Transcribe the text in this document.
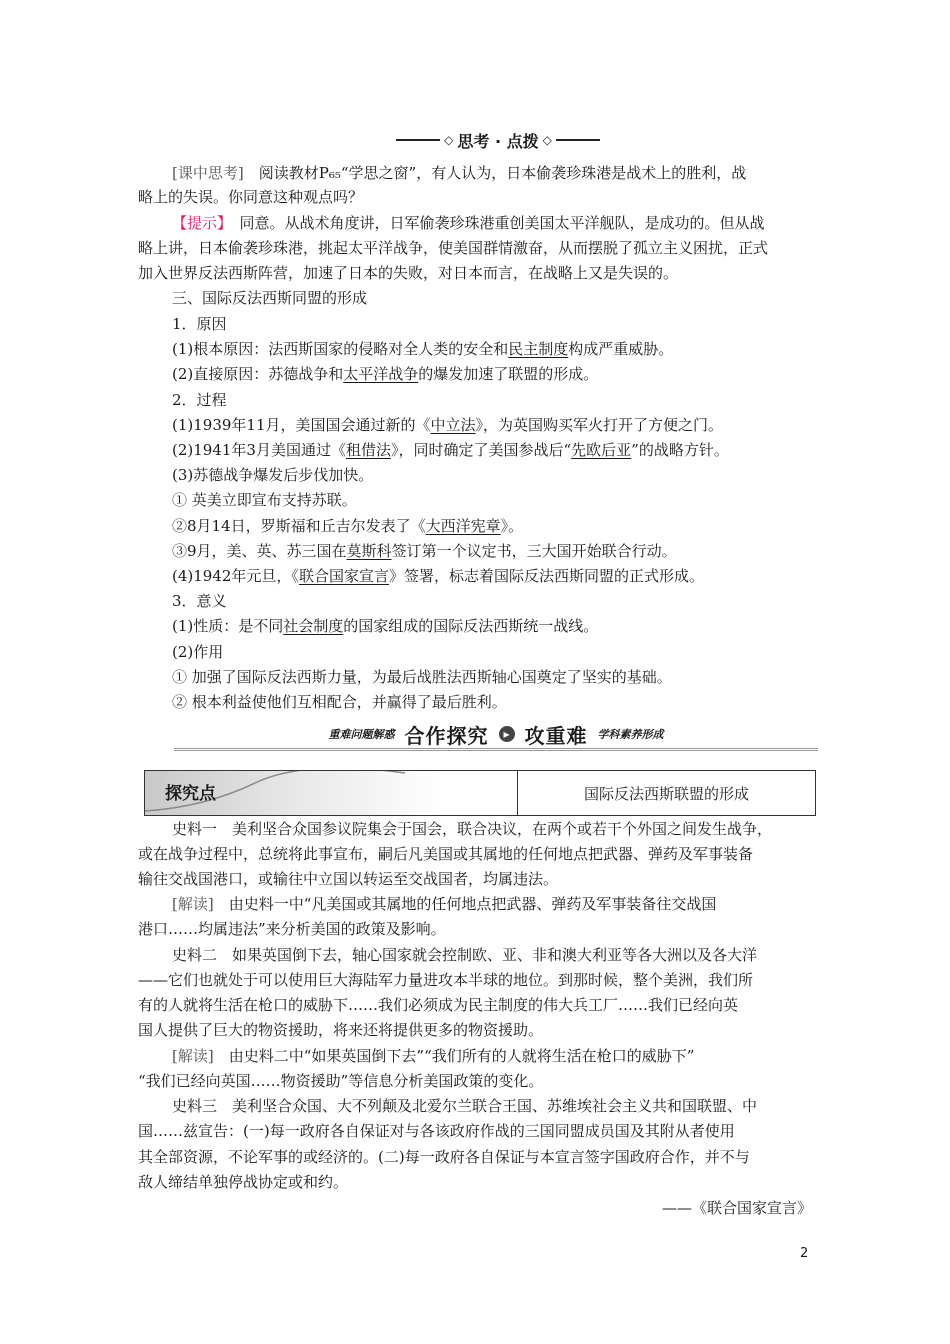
◇ 思考 · 点拨 ◇
[课中思考]　 阅读教材P₆₅“学思之窗”，有人认为，日本偷袭珍珠港是战术上的胜利，战
略上的失误。你同意这种观点吗？
【提示】　 同意。从战术角度讲，日军偷袭珍珠港重创美国太平洋舰队，是成功的。但从战
略上讲，日本偷袭珍珠港，挑起太平洋战争，使美国群情激奋，从而摆脱了孤立主义困扰，正式
加入世界反法西斯阵营，加速了日本的失败，对日本而言，在战略上又是失误的。
三、国际反法西斯同盟的形成
1．原因
(1)根本原因：法西斯国家的侵略对全人类的安全和民主制度构成严重威胁。
(2)直接原因：苏德战争和太平洋战争的爆发加速了联盟的形成。
2．过程
(1)1939年11月，美国国会通过新的《中立法》，为英国购买军火打开了方便之门。
(2)1941年3月美国通过《租借法》，同时确定了美国参战后“先欧后亚”的战略方针。
(3)苏德战争爆发后步伐加快。
① 英美立即宣布支持苏联。
②8月14日，罗斯福和丘吉尔发表了《大西洋宪章》。
③9月，美、英、苏三国在莫斯科签订第一个议定书，三大国开始联合行动。
(4)1942年元旦，《联合国家宣言》签署，标志着国际反法西斯同盟的正式形成。
3．意义
(1)性质：是不同社会制度的国家组成的国际反法西斯统一战线。
(2)作用
① 加强了国际反法西斯力量，为最后战胜法西斯轴心国奠定了坚实的基础。
② 根本利益使他们互相配合，并赢得了最后胜利。
重难问题解惑 合作探究	▸ 攻重难 学科素养形成
探究点	国际反法西斯联盟的形成
史料一　美利坚合众国参议院集会于国会，联合决议，在两个或若干个外国之间发生战争，
或在战争过程中，总统将此事宣布，嗣后凡美国或其属地的任何地点把武器、弹药及军事装备
输往交战国港口，或输往中立国以转运至交战国者，均属违法。
[解读]　 由史料一中“凡美国或其属地的任何地点把武器、弹药及军事装备往交战国
港口……均属违法”来分析美国的政策及影响。
史料二　如果英国倒下去，轴心国家就会控制欧、亚、非和澳大利亚等各大洲以及各大洋
——它们也就处于可以使用巨大海陆军力量进攻本半球的地位。到那时候，整个美洲，我们所
有的人就将生活在枪口的威胁下……我们必须成为民主制度的伟大兵工厂……我们已经向英
国人提供了巨大的物资援助，将来还将提供更多的物资援助。
[解读]　 由史料二中“如果英国倒下去”“我们所有的人就将生活在枪口的威胁下”
“我们已经向英国……物资援助”等信息分析美国政策的变化。
史料三　美利坚合众国、大不列颠及北爱尔兰联合王国、苏维埃社会主义共和国联盟、中
国……兹宣告：(一)每一政府各自保证对与各该政府作战的三国同盟成员国及其附从者使用
其全部资源，不论军事的或经济的。(二)每一政府各自保证与本宣言签字国政府合作，并不与
敌人缔结单独停战协定或和约。
——《联合国家宣言》
2
